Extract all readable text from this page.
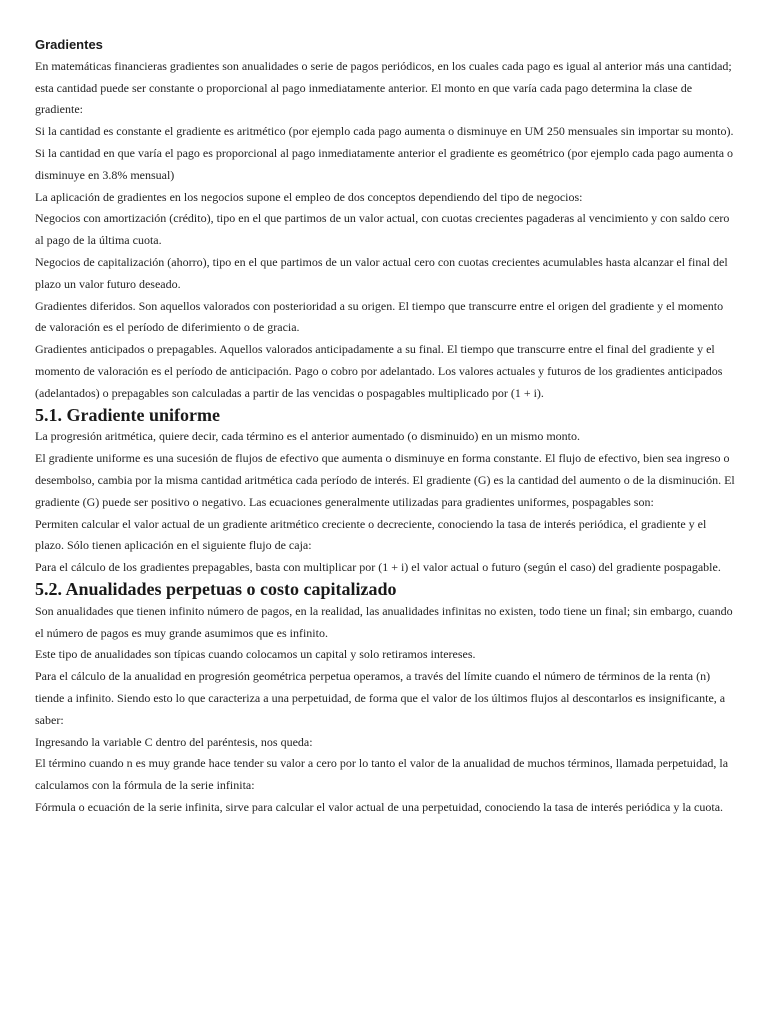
Gradientes

En matemáticas financieras gradientes son anualidades o serie de pagos periódicos, en los cuales cada pago es igual al anterior más una cantidad; esta cantidad puede ser constante o proporcional al pago inmediatamente anterior. El monto en que varía cada pago determina la clase de gradiente:

Si la cantidad es constante el gradiente es aritmético (por ejemplo cada pago aumenta o disminuye en UM 250 mensuales sin importar su monto).

Si la cantidad en que varía el pago es proporcional al pago inmediatamente anterior el gradiente es geométrico (por ejemplo cada pago aumenta o disminuye en 3.8% mensual)

La aplicación de gradientes en los negocios supone el empleo de dos conceptos dependiendo del tipo de negocios:

Negocios con amortización (crédito), tipo en el que partimos de un valor actual, con cuotas crecientes pagaderas al vencimiento y con saldo cero al pago de la última cuota.

Negocios de capitalización (ahorro), tipo en el que partimos de un valor actual cero con cuotas crecientes acumulables hasta alcanzar el final del plazo un valor futuro deseado.

Gradientes diferidos. Son aquellos valorados con posterioridad a su origen. El tiempo que transcurre entre el origen del gradiente y el momento de valoración es el período de diferimiento o de gracia.

Gradientes anticipados o prepagables. Aquellos valorados anticipadamente a su final. El tiempo que transcurre entre el final del gradiente y el momento de valoración es el período de anticipación. Pago o cobro por adelantado. Los valores actuales y futuros de los gradientes anticipados (adelantados) o prepagables son calculadas a partir de las vencidas o pospagables multiplicado por (1 + i).

5.1. Gradiente uniforme

La progresión aritmética, quiere decir, cada término es el anterior aumentado (o disminuido) en un mismo monto.

El gradiente uniforme es una sucesión de flujos de efectivo que aumenta o disminuye en forma constante. El flujo de efectivo, bien sea ingreso o desembolso, cambia por la misma cantidad aritmética cada período de interés. El gradiente (G) es la cantidad del aumento o de la disminución. El gradiente (G) puede ser positivo o negativo. Las ecuaciones generalmente utilizadas para gradientes uniformes, pospagables son:

Permiten calcular el valor actual de un gradiente aritmético creciente o decreciente, conociendo la tasa de interés periódica, el gradiente y el plazo. Sólo tienen aplicación en el siguiente flujo de caja:

Para el cálculo de los gradientes prepagables, basta con multiplicar por (1 + i) el valor actual o futuro (según el caso) del gradiente pospagable.

5.2. Anualidades perpetuas o costo capitalizado

Son anualidades que tienen infinito número de pagos, en la realidad, las anualidades infinitas no existen, todo tiene un final; sin embargo, cuando el número de pagos es muy grande asumimos que es infinito.

Este tipo de anualidades son típicas cuando colocamos un capital y solo retiramos intereses.

Para el cálculo de la anualidad en progresión geométrica perpetua operamos, a través del límite cuando el número de términos de la renta (n) tiende a infinito. Siendo esto lo que caracteriza a una perpetuidad, de forma que el valor de los últimos flujos al descontarlos es insignificante, a saber:

Ingresando la variable C dentro del paréntesis, nos queda:

El término cuando n es muy grande hace tender su valor a cero por lo tanto el valor de la anualidad de muchos términos, llamada perpetuidad, la calculamos con la fórmula de la serie infinita:

Fórmula o ecuación de la serie infinita, sirve para calcular el valor actual de una perpetuidad, conociendo la tasa de interés periódica y la cuota.
